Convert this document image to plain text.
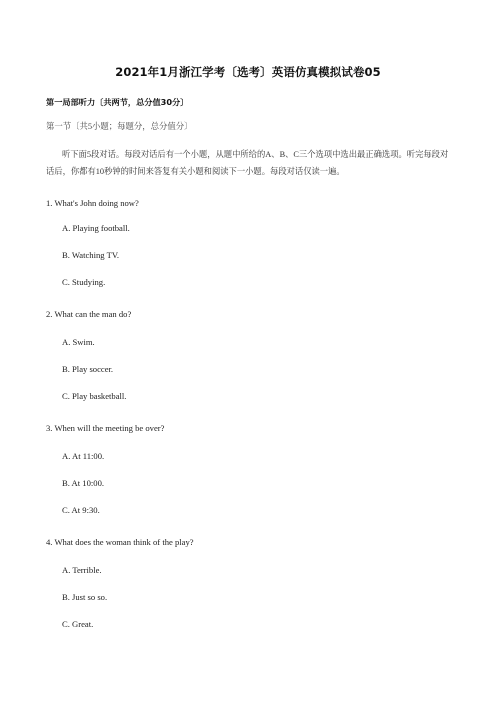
2021年1月浙江学考〔选考〕英语仿真模拟试卷05
第一局部听力〔共两节，总分值30分〕
第一节〔共5小题；每题分，总分值分〕

听下面5段对话。每段对话后有一个小题，从题中所给的A、B、C三个选项中选出最正确选项。听完每段对话后，你都有10秒钟的时间来答复有关小题和阅读下一小题。每段对话仅读一遍。

1. What's John doing now?
A. Playing football.
B. Watching TV.
C. Studying.
2. What can the man do?
A. Swim.
B. Play soccer.
C. Play basketball.
3. When will the meeting be over?
A. At 11:00.
B. At 10:00.
C. At 9:30.
4. What does the woman think of the play?
A. Terrible.
B. Just so so.
C. Great.
